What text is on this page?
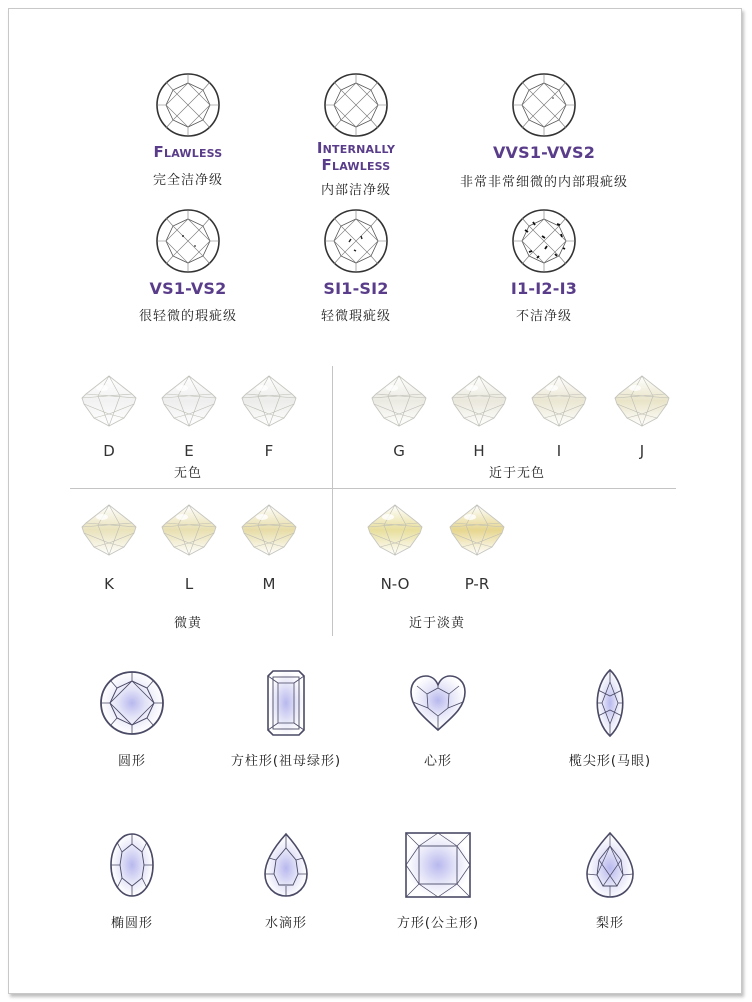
Flawless
完全洁净级
Internally
Flawless
内部洁净级
VVS1-VVS2
非常非常细微的内部瑕疵级
VS1-VS2
很轻微的瑕疵级
SI1-SI2
轻微瑕疵级
I1-I2-I3
不洁净级
D	E	F	G	H	I	J
K	L	M	N-O	P-R
无色	近于无色
微黄	近于淡黄
圆形	方柱形(祖母绿形)	心形	榄尖形(马眼)
椭圆形	水滴形	方形(公主形)	梨形
